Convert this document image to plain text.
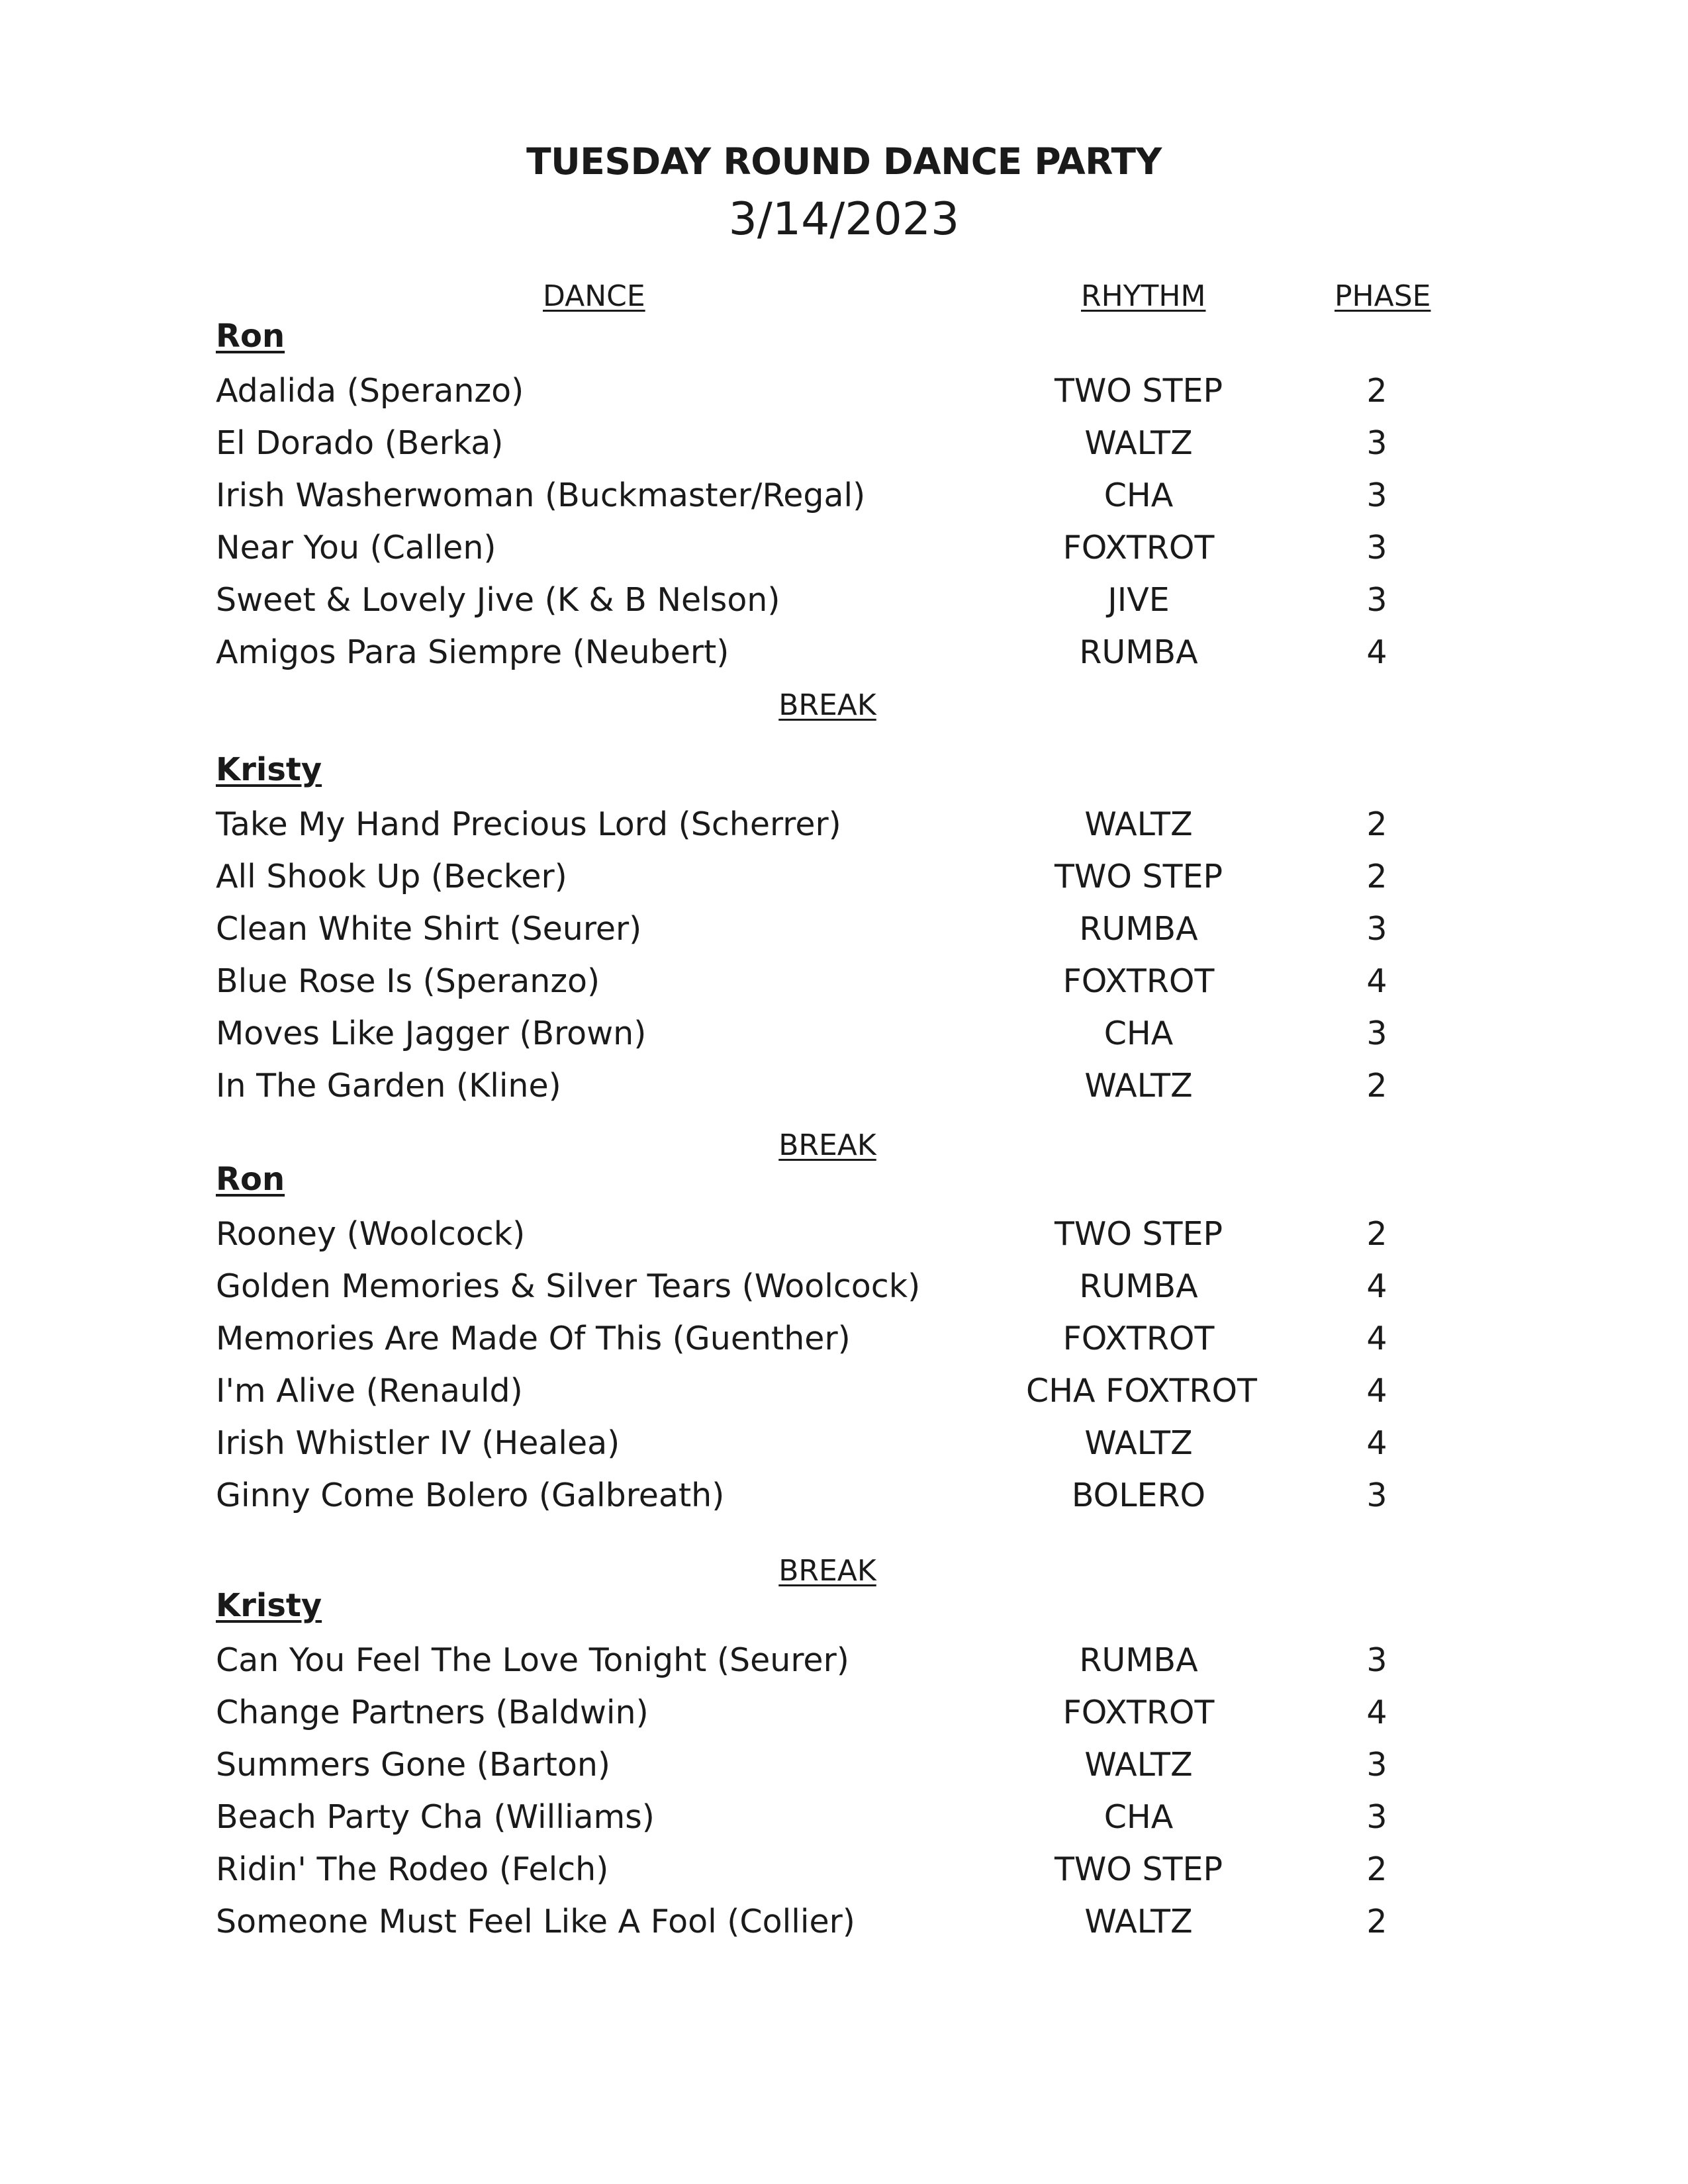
TUESDAY ROUND DANCE PARTY
3/14/2023
DANCE	RHYTHM	PHASE
Ron
Adalida (Speranzo)	TWO STEP	2
El Dorado (Berka)	WALTZ	3
Irish Washerwoman (Buckmaster/Regal)	CHA	3
Near You (Callen)	FOXTROT	3
Sweet & Lovely Jive (K & B Nelson)	JIVE	3
Amigos Para Siempre (Neubert)	RUMBA	4
Kristy
Take My Hand Precious Lord (Scherrer)	WALTZ	2
All Shook Up (Becker)	TWO STEP	2
Clean White Shirt (Seurer)	RUMBA	3
Blue Rose Is (Speranzo)	FOXTROT	4
Moves Like Jagger (Brown)	CHA	3
In The Garden (Kline)	WALTZ	2
Ron
Rooney (Woolcock)	TWO STEP	2
Golden Memories & Silver Tears (Woolcock)	RUMBA	4
Memories Are Made Of This (Guenther)	FOXTROT	4
I'm Alive (Renauld)	CHA FOXTROT	4
Irish Whistler IV (Healea)	WALTZ	4
Ginny Come Bolero (Galbreath)	BOLERO	3
Kristy
Can You Feel The Love Tonight (Seurer)	RUMBA	3
Change Partners (Baldwin)	FOXTROT	4
Summers Gone (Barton)	WALTZ	3
Beach Party Cha (Williams)	CHA	3
Ridin' The Rodeo (Felch)	TWO STEP	2
Someone Must Feel Like A Fool (Collier)	WALTZ	2
BREAK
BREAK
BREAK
